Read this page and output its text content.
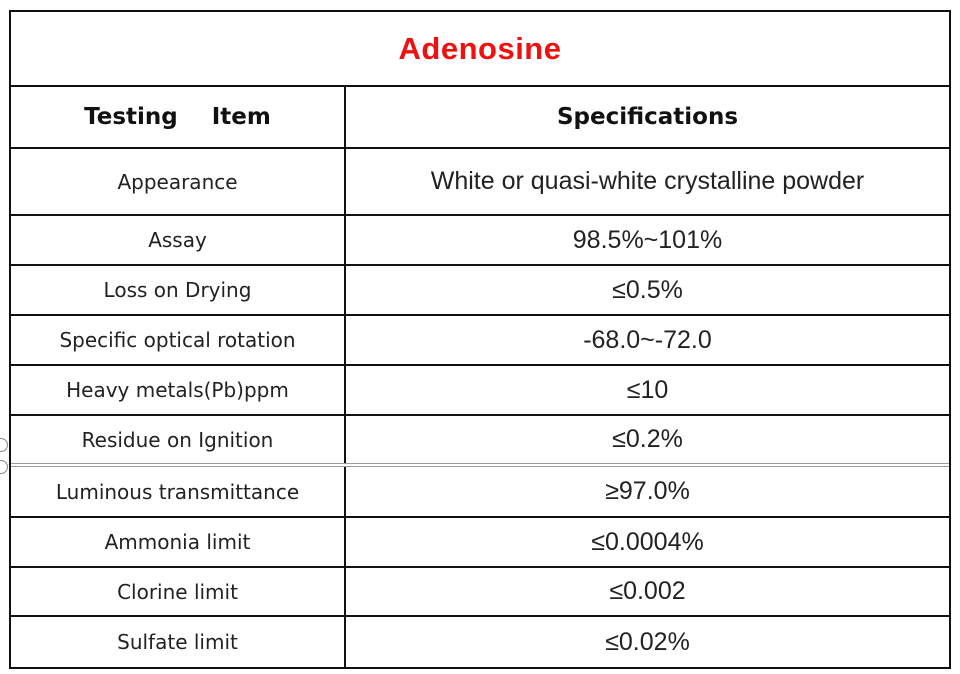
Adenosine
Testing Item	Specifications
Appearance	White or quasi-white crystalline powder
Assay	98.5%~101%
Loss on Drying	≤0.5%
Specific optical rotation	-68.0~-72.0
Heavy metals(Pb)ppm	≤10
Residue on Ignition	≤0.2%
Luminous transmittance	≥97.0%
Ammonia limit	≤0.0004%
Clorine limit	≤0.002
Sulfate limit	≤0.02%
